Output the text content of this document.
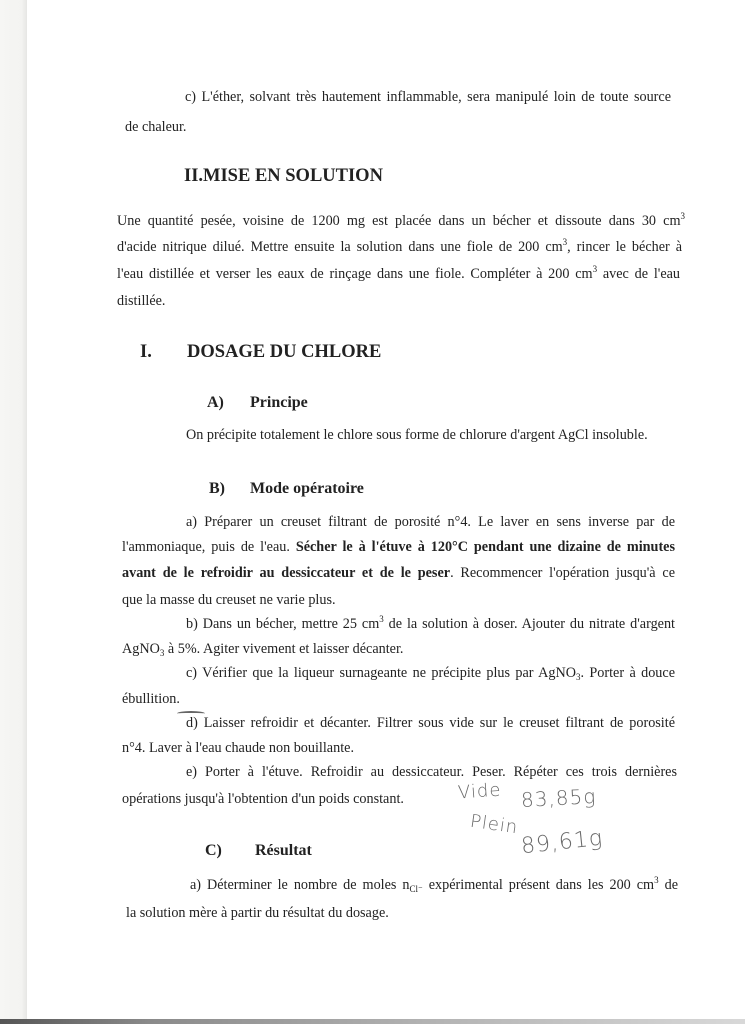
c) L'éther, solvant très hautement inflammable, sera manipulé loin de toute source
de chaleur.
II.MISE EN SOLUTION
Une quantité pesée, voisine de 1200 mg est placée dans un bécher et dissoute dans 30 $cm^3$
d'acide nitrique dilué. Mettre ensuite la solution dans une fiole de 200 $cm^3$, rincer le bécher à
l'eau distillée et verser les eaux de rinçage dans une fiole. Compléter à 200 $cm^3$ avec de l'eau
distillée.
I. DOSAGE DU CHLORE
A) Principe
On précipite totalement le chlore sous forme de chlorure d'argent AgCl insoluble.
B) Mode opératoire
a) Préparer un creuset filtrant de porosité n°4. Le laver en sens inverse par de
l'ammoniaque, puis de l'eau. Sécher le à l'étuve à 120°C pendant une dizaine de minutes
avant de le refroidir au dessiccateur et de le peser. Recommencer l'opération jusqu'à ce
que la masse du creuset ne varie plus.
b) Dans un bécher, mettre 25 $cm^3$ de la solution à doser. Ajouter du nitrate d'argent
AgNO$_3$ à 5%. Agiter vivement et laisser décanter.
c) Vérifier que la liqueur surnageante ne précipite plus par AgNO$_3$. Porter à douce
ébullition.
d) Laisser refroidir et décanter. Filtrer sous vide sur le creuset filtrant de porosité
n°4. Laver à l'eau chaude non bouillante.
e) Porter à l'étuve. Refroidir au dessiccateur. Peser. Répéter ces trois dernières
opérations jusqu'à l'obtention d'un poids constant.	Vide 83,85g
Plein
89,61g
C) Résultat
a) Déterminer le nombre de moles $n_{Cl^-}$ expérimental présent dans les 200 $cm^3$ de
la solution mère à partir du résultat du dosage.
